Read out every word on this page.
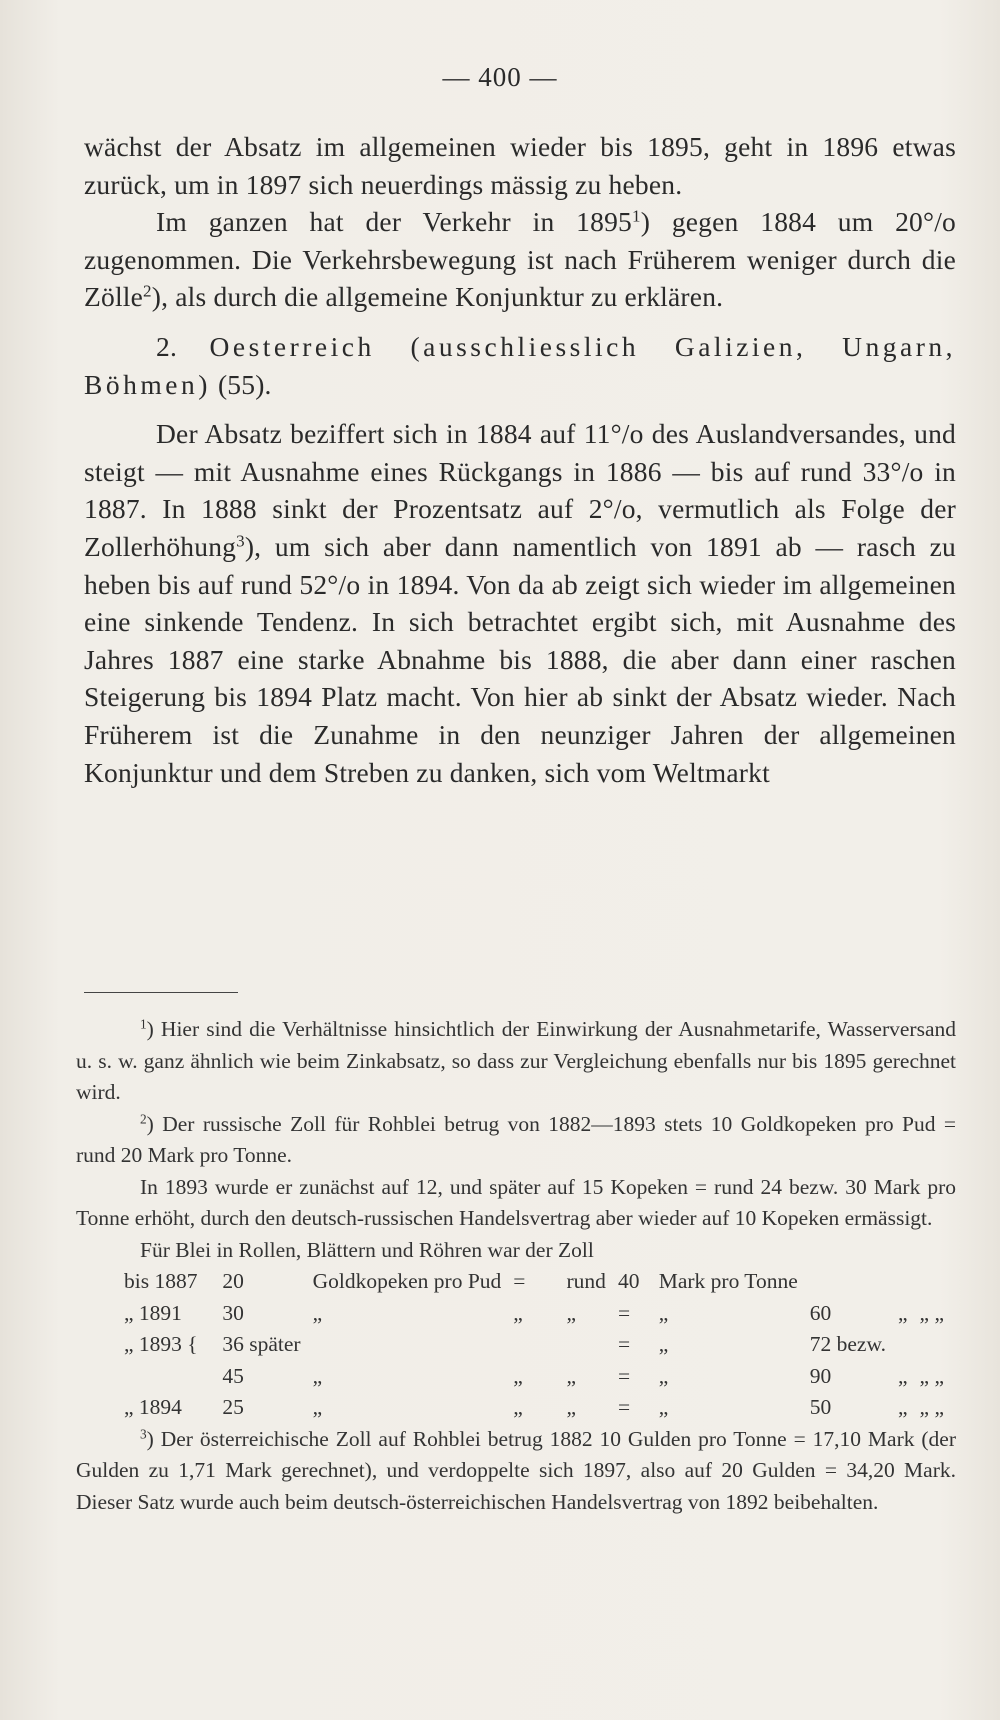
— 400 —

wächst der Absatz im allgemeinen wieder bis 1895, geht in 1896 etwas zurück, um in 1897 sich neuerdings mässig zu heben.

Im ganzen hat der Verkehr in 1895$^1$) gegen 1884 um 20°/o zugenommen. Die Verkehrsbewegung ist nach Früherem weniger durch die Zölle$^2$), als durch die allgemeine Konjunktur zu erklären.

2. Oesterreich (ausschliesslich Galizien, Ungarn, Böhmen) (55).

Der Absatz beziffert sich in 1884 auf 11°/o des Auslandversandes, und steigt — mit Ausnahme eines Rückgangs in 1886 — bis auf rund 33°/o in 1887. In 1888 sinkt der Prozentsatz auf 2°/o, vermutlich als Folge der Zollerhöhung$^3$), um sich aber dann namentlich von 1891 ab — rasch zu heben bis auf rund 52°/o in 1894. Von da ab zeigt sich wieder im allgemeinen eine sinkende Tendenz. In sich betrachtet ergibt sich, mit Ausnahme des Jahres 1887 eine starke Abnahme bis 1888, die aber dann einer raschen Steigerung bis 1894 Platz macht. Von hier ab sinkt der Absatz wieder. Nach Früherem ist die Zunahme in den neunziger Jahren der allgemeinen Konjunktur und dem Streben zu danken, sich vom Weltmarkt

$^1$) Hier sind die Verhältnisse hinsichtlich der Einwirkung der Ausnahmetarife, Wasserversand u. s. w. ganz ähnlich wie beim Zinkabsatz, so dass zur Vergleichung ebenfalls nur bis 1895 gerechnet wird.

$^2$) Der russische Zoll für Rohblei betrug von 1882—1893 stets 10 Goldkopeken pro Pud = rund 20 Mark pro Tonne.

In 1893 wurde er zunächst auf 12, und später auf 15 Kopeken = rund 24 bezw. 30 Mark pro Tonne erhöht, durch den deutsch-russischen Handelsvertrag aber wieder auf 10 Kopeken ermässigt.

Für Blei in Rollen, Blättern und Röhren war der Zoll

bis 1887	20	Goldkopeken pro Pud	=	rund	40	Mark pro Tonne			
„ 1891	30	„	„	„	=	„	60	„	„ „
„ 1893 {	36 später				=	„	72 bezw.		
	45	„	„	„	=	„	90	„	„ „
„ 1894	25	„	„	„	=	„	50	„	„ „

$^3$) Der österreichische Zoll auf Rohblei betrug 1882 10 Gulden pro Tonne = 17,10 Mark (der Gulden zu 1,71 Mark gerechnet), und verdoppelte sich 1897, also auf 20 Gulden = 34,20 Mark. Dieser Satz wurde auch beim deutsch-österreichischen Handelsvertrag von 1892 beibehalten.
